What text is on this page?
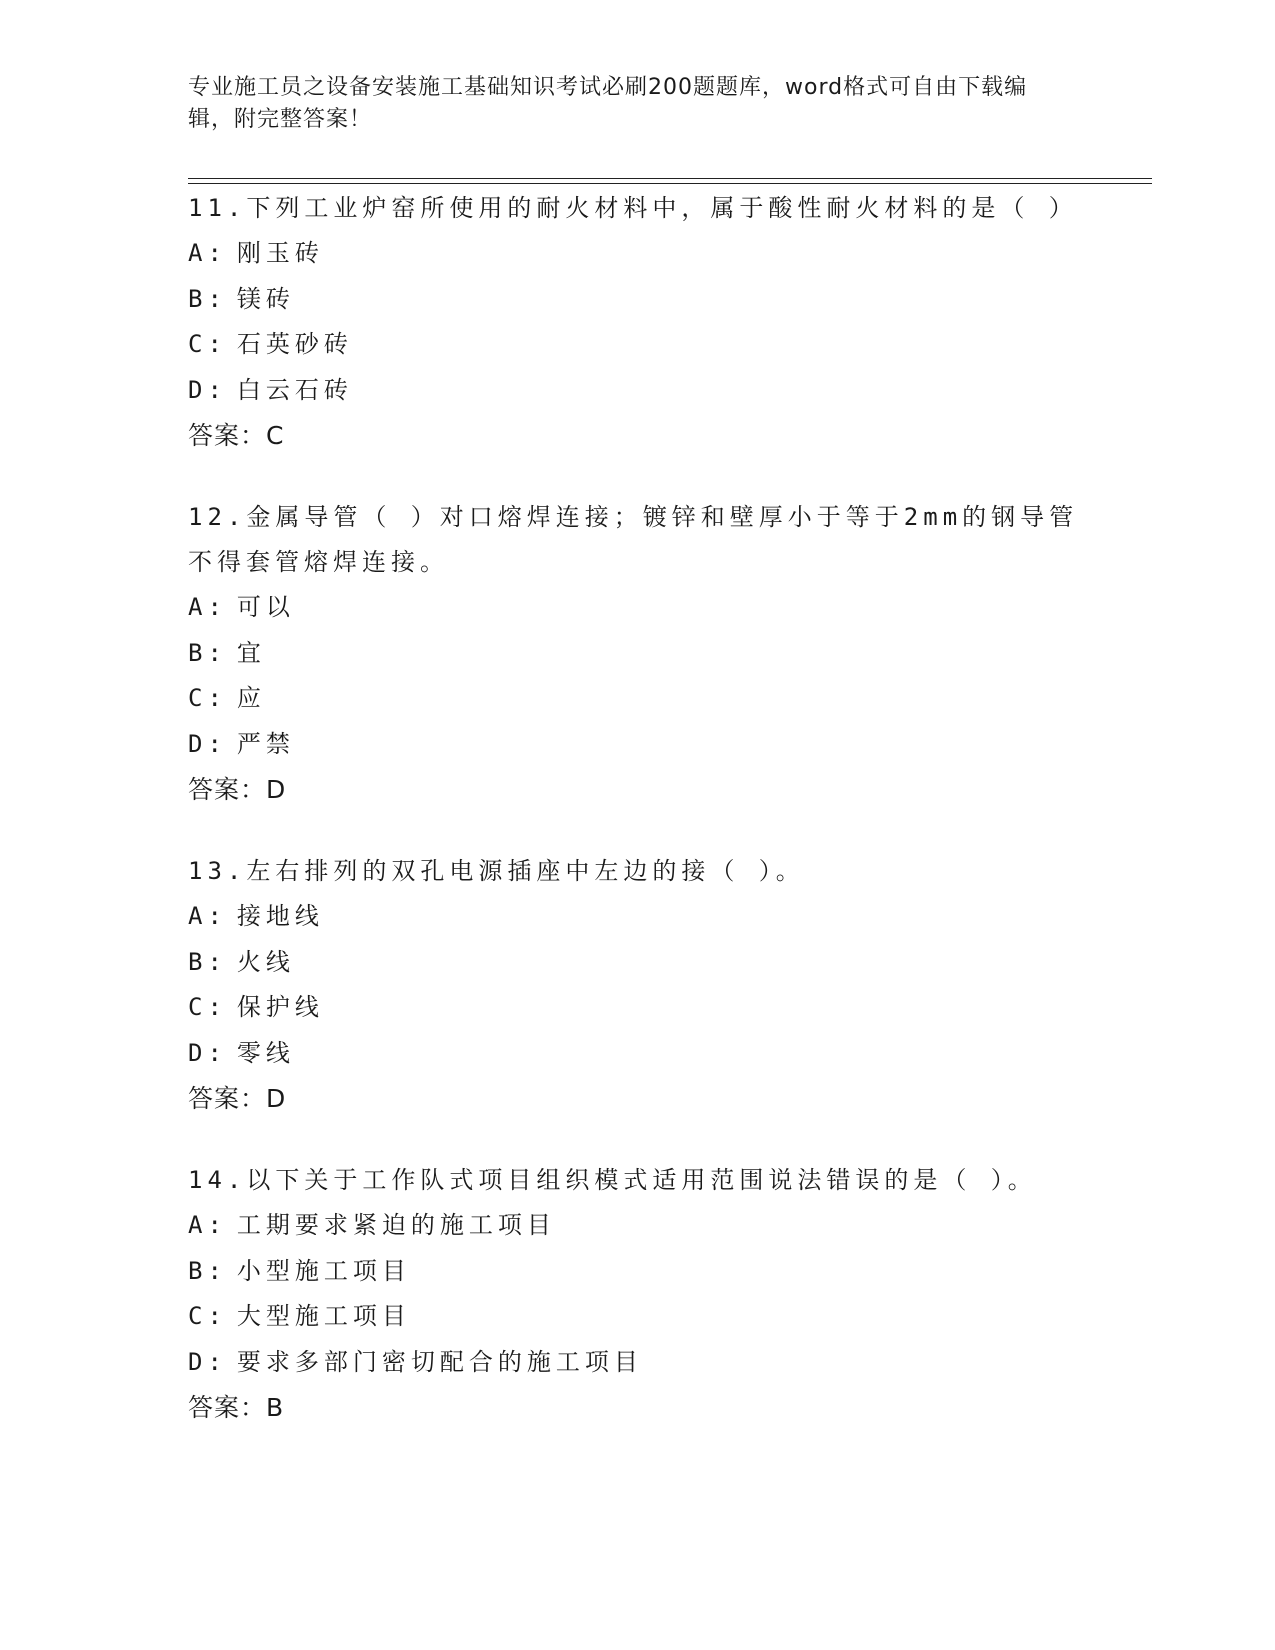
专业施工员之设备安装施工基础知识考试必刷200题题库，word格式可自由下载编辑，附完整答案！

11.下列工业炉窑所使用的耐火材料中，属于酸性耐火材料的是（ ）

A: 刚玉砖

B: 镁砖

C: 石英砂砖

D: 白云石砖

答案：C

12.金属导管（ ）对口熔焊连接；镀锌和壁厚小于等于2mm的钢导管不得套管熔焊连接。

A: 可以

B: 宜

C: 应

D: 严禁

答案：D

13.左右排列的双孔电源插座中左边的接（ ）。

A: 接地线

B: 火线

C: 保护线

D: 零线

答案：D

14.以下关于工作队式项目组织模式适用范围说法错误的是（ ）。

A: 工期要求紧迫的施工项目

B: 小型施工项目

C: 大型施工项目

D: 要求多部门密切配合的施工项目

答案：B
